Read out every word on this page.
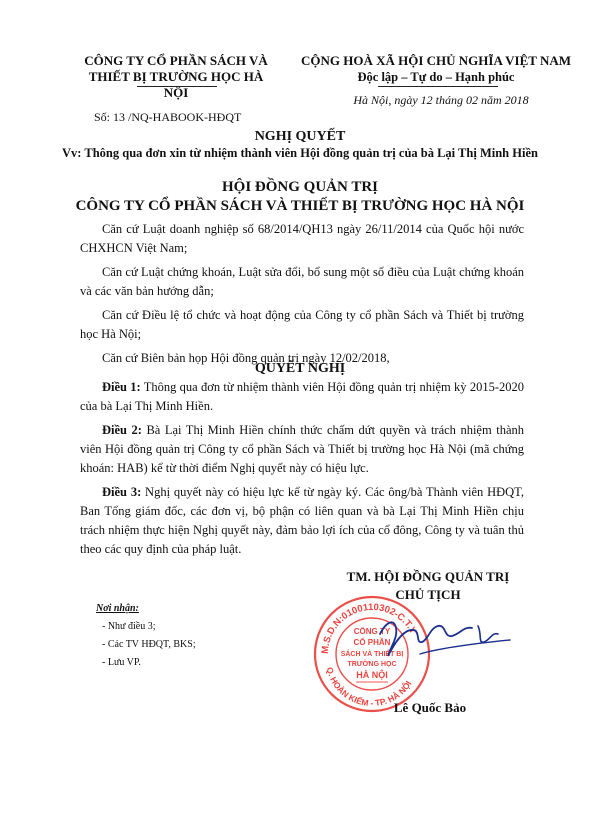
CÔNG TY CỔ PHẦN SÁCH VÀ
THIẾT BỊ TRƯỜNG HỌC HÀ NỘI
Số: 13 /NQ-HABOOK-HĐQT
CỘNG HOÀ XÃ HỘI CHỦ NGHĨA VIỆT NAM
Độc lập – Tự do – Hạnh phúc
Hà Nội, ngày 12 tháng 02 năm 2018
NGHỊ QUYẾT
Vv: Thông qua đơn xin từ nhiệm thành viên Hội đồng quản trị của bà Lại Thị Minh Hiền
HỘI ĐỒNG QUẢN TRỊ
CÔNG TY CỔ PHẦN SÁCH VÀ THIẾT BỊ TRƯỜNG HỌC HÀ NỘI

Căn cứ Luật doanh nghiệp số 68/2014/QH13 ngày 26/11/2014 của Quốc hội nước CHXHCN Việt Nam;

Căn cứ Luật chứng khoán, Luật sửa đổi, bổ sung một số điều của Luật chứng khoán và các văn bản hướng dẫn;

Căn cứ Điều lệ tổ chức và hoạt động của Công ty cổ phần Sách và Thiết bị trường học Hà Nội;

Căn cứ Biên bản họp Hội đồng quản trị ngày 12/02/2018,

QUYẾT NGHỊ

Điều 1: Thông qua đơn từ nhiệm thành viên Hội đồng quản trị nhiệm kỳ 2015-2020 của bà Lại Thị Minh Hiền.

Điều 2: Bà Lại Thị Minh Hiền chính thức chấm dứt quyền và trách nhiệm thành viên Hội đồng quản trị Công ty cổ phần Sách và Thiết bị trường học Hà Nội (mã chứng khoán: HAB) kể từ thời điểm Nghị quyết này có hiệu lực.

Điều 3: Nghị quyết này có hiệu lực kể từ ngày ký. Các ông/bà Thành viên HĐQT, Ban Tổng giám đốc, các đơn vị, bộ phận có liên quan và bà Lại Thị Minh Hiền chịu trách nhiệm thực hiện Nghị quyết này, đảm bảo lợi ích của cổ đông, Công ty và tuân thủ theo các quy định của pháp luật.

Nơi nhận:
- Như điều 3;
- Các TV HĐQT, BKS;
- Lưu VP.
TM. HỘI ĐỒNG QUẢN TRỊ
CHỦ TỊCH
M.S.D.N:0100110302-C.T.Y
Q. HOÀN KIẾM - TP. HÀ NỘI
CÔNG TY
CỔ PHẦN
SÁCH VÀ THIẾT BỊ
TRƯỜNG HỌC
HÀ NỘI
Lê Quốc Bảo
